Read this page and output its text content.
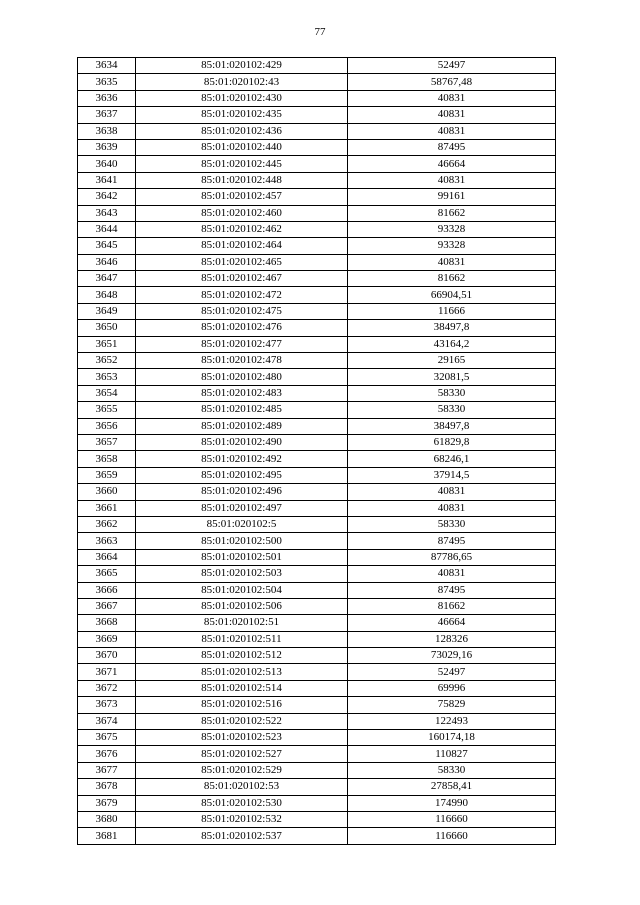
77
3634	85:01:020102:429	52497
3635	85:01:020102:43	58767,48
3636	85:01:020102:430	40831
3637	85:01:020102:435	40831
3638	85:01:020102:436	40831
3639	85:01:020102:440	87495
3640	85:01:020102:445	46664
3641	85:01:020102:448	40831
3642	85:01:020102:457	99161
3643	85:01:020102:460	81662
3644	85:01:020102:462	93328
3645	85:01:020102:464	93328
3646	85:01:020102:465	40831
3647	85:01:020102:467	81662
3648	85:01:020102:472	66904,51
3649	85:01:020102:475	11666
3650	85:01:020102:476	38497,8
3651	85:01:020102:477	43164,2
3652	85:01:020102:478	29165
3653	85:01:020102:480	32081,5
3654	85:01:020102:483	58330
3655	85:01:020102:485	58330
3656	85:01:020102:489	38497,8
3657	85:01:020102:490	61829,8
3658	85:01:020102:492	68246,1
3659	85:01:020102:495	37914,5
3660	85:01:020102:496	40831
3661	85:01:020102:497	40831
3662	85:01:020102:5	58330
3663	85:01:020102:500	87495
3664	85:01:020102:501	87786,65
3665	85:01:020102:503	40831
3666	85:01:020102:504	87495
3667	85:01:020102:506	81662
3668	85:01:020102:51	46664
3669	85:01:020102:511	128326
3670	85:01:020102:512	73029,16
3671	85:01:020102:513	52497
3672	85:01:020102:514	69996
3673	85:01:020102:516	75829
3674	85:01:020102:522	122493
3675	85:01:020102:523	160174,18
3676	85:01:020102:527	110827
3677	85:01:020102:529	58330
3678	85:01:020102:53	27858,41
3679	85:01:020102:530	174990
3680	85:01:020102:532	116660
3681	85:01:020102:537	116660
